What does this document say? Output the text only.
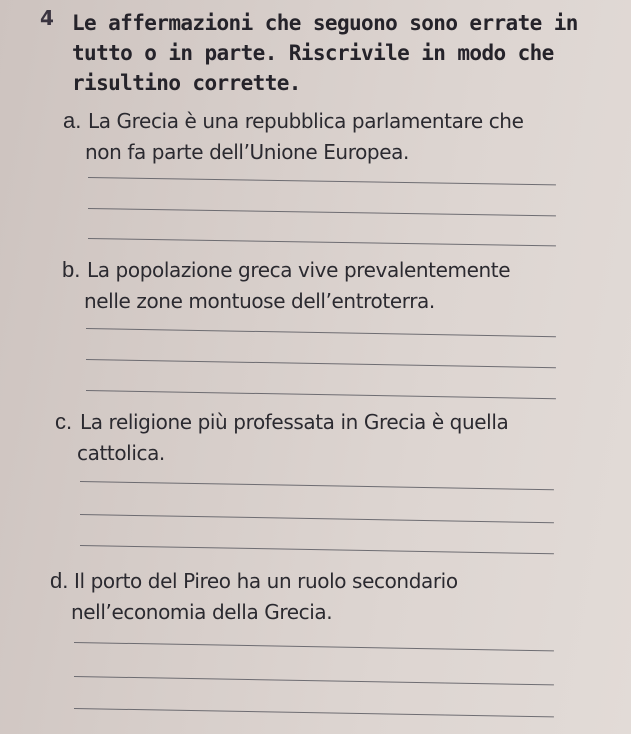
4 Le affermazioni che seguono sono errate in tutto o in parte. Riscrivile in modo che risultino corrette.
a. La Grecia è una repubblica parlamentare che
non fa parte dell’Unione Europea.
b. La popolazione greca vive prevalentemente
nelle zone montuose dell’entroterra.
c. La religione più professata in Grecia è quella
cattolica.
d. Il porto del Pireo ha un ruolo secondario
nell’economia della Grecia.
